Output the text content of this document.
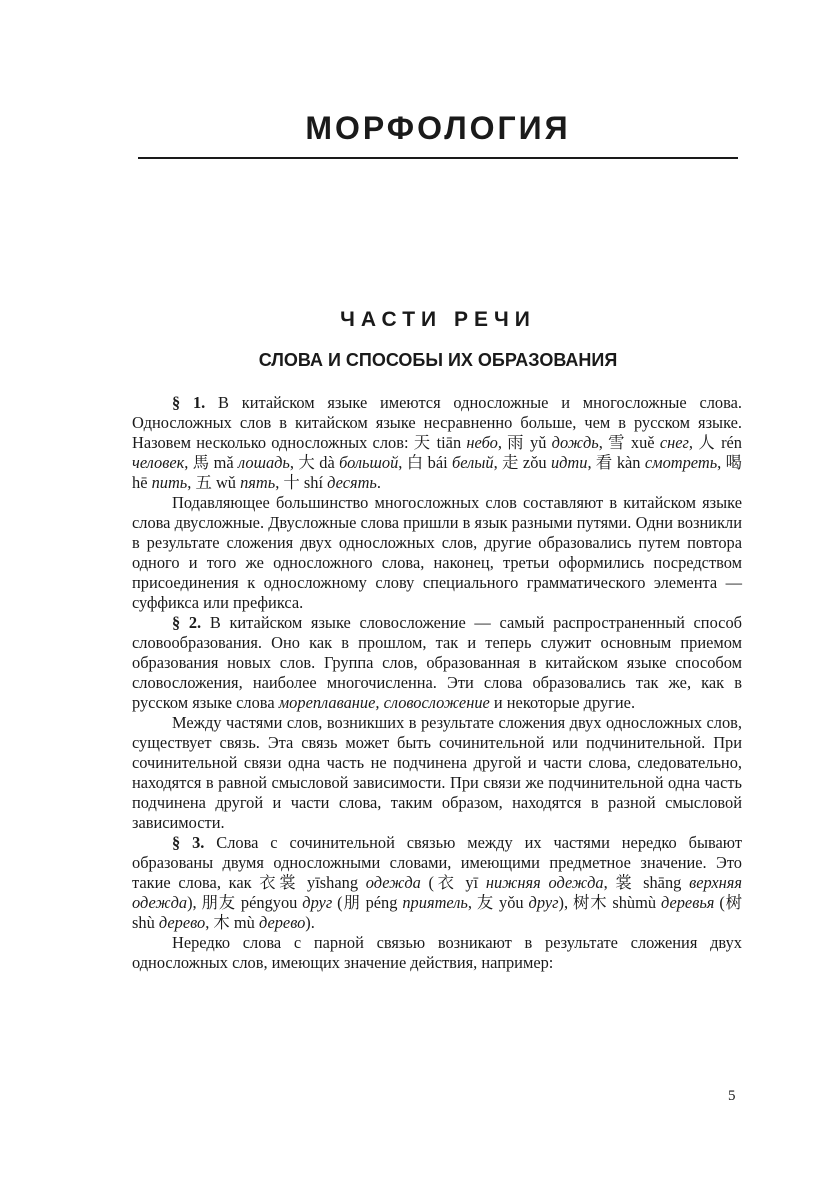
МОРФОЛОГИЯ
ЧАСТИ РЕЧИ
СЛОВА И СПОСОБЫ ИХ ОБРАЗОВАНИЯ

§ 1. В китайском языке имеются односложные и многосложные слова. Односложных слов в китайском языке несравненно больше, чем в русском языке. Назовем несколько односложных слов: 天 tiān небо, 雨 yǔ дождь, 雪 xuě снег, 人 rén человек, 馬 mǎ лошадь, 大 dà большой, 白 bái белый, 走 zǒu идти, 看 kàn смотреть, 喝 hē пить, 五 wǔ пять, 十 shí десять.

Подавляющее большинство многосложных слов составляют в китайском языке слова двусложные. Двусложные слова пришли в язык разными путями. Одни возникли в результате сложения двух односложных слов, другие образовались путем повтора одного и того же односложного слова, наконец, третьи оформились посредством присоединения к односложному слову специального грамматического элемента — суффикса или префикса.

§ 2. В китайском языке словосложение — самый распространенный способ словообразования. Оно как в прошлом, так и теперь служит основным приемом образования новых слов. Группа слов, образованная в китайском языке способом словосложения, наиболее многочисленна. Эти слова образовались так же, как в русском языке слова мореплавание, словосложение и некоторые другие.

Между частями слов, возникших в результате сложения двух односложных слов, существует связь. Эта связь может быть сочинительной или подчинительной. При сочинительной связи одна часть не подчинена другой и части слова, следовательно, находятся в равной смысловой зависимости. При связи же подчинительной одна часть подчинена другой и части слова, таким образом, находятся в разной смысловой зависимости.

§ 3. Слова с сочинительной связью между их частями нередко бывают образованы двумя односложными словами, имеющими предметное значение. Это такие слова, как 衣裳 yīshang одежда (衣 yī нижняя одежда, 裳 shāng верхняя одежда), 朋友 péngyou друг (朋 péng приятель, 友 yǒu друг), 树木 shùmù деревья (树 shù дерево, 木 mù дерево).

Нередко слова с парной связью возникают в результате сложения двух односложных слов, имеющих значение действия, например:

5
